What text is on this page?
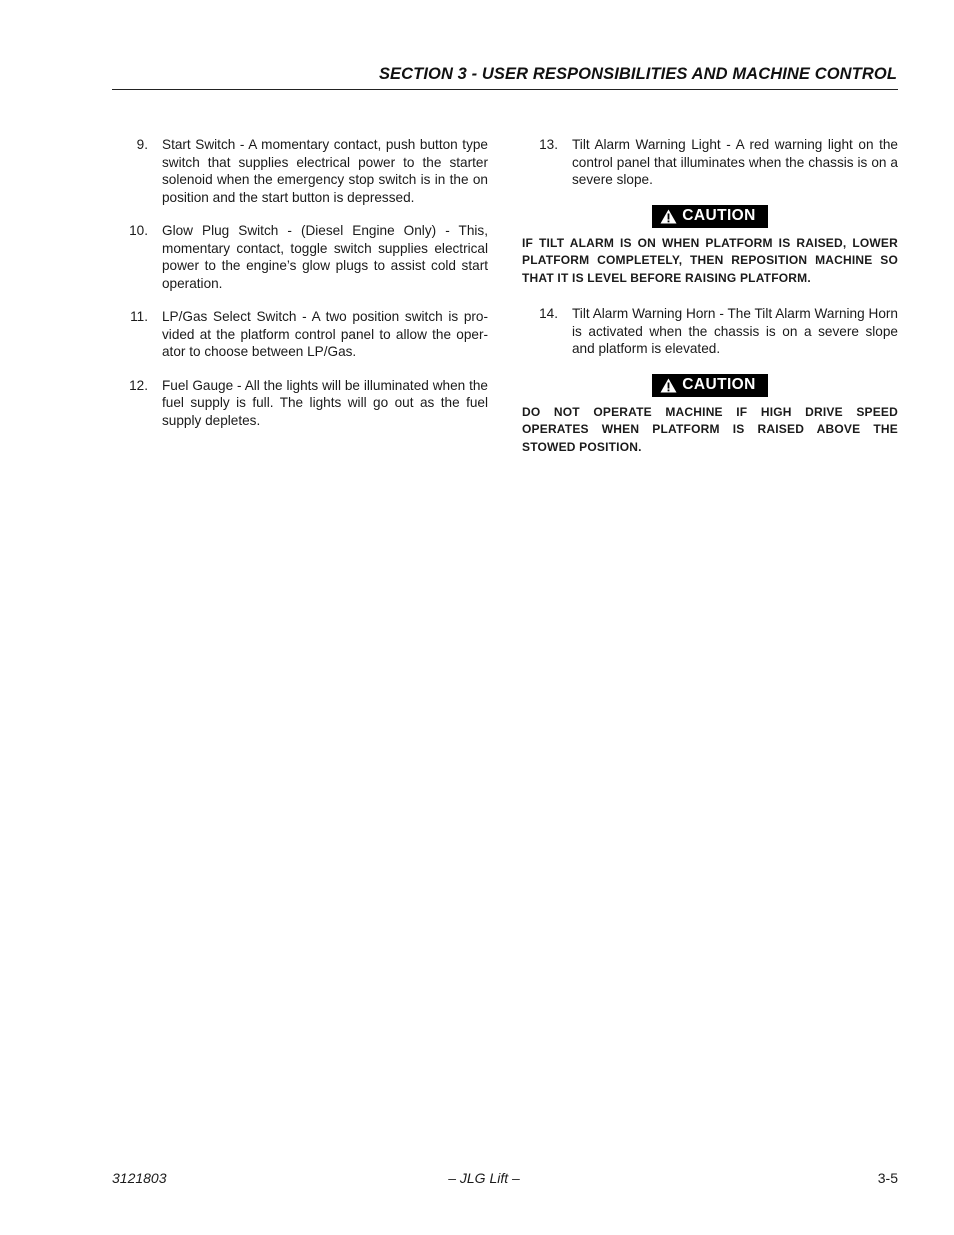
SECTION 3 - USER RESPONSIBILITIES AND MACHINE CONTROL
9.	Start Switch - A momentary contact, push button type switch that supplies electrical power to the starter solenoid when the emergency stop switch is in the on position and the start button is depressed.
10.	Glow Plug Switch - (Diesel Engine Only) - This, momentary contact, toggle switch supplies electrical power to the engine’s glow plugs to assist cold start operation.
11.	LP/Gas Select Switch - A two position switch is provided at the platform control panel to allow the operator to choose between LP/Gas.
12.	Fuel Gauge - All the lights will be illuminated when the fuel supply is full. The lights will go out as the fuel supply depletes.
13.	Tilt Alarm Warning Light - A red warning light on the control panel that illuminates when the chassis is on a severe slope.
CAUTION
IF TILT ALARM IS ON WHEN PLATFORM IS RAISED, LOWER PLATFORM COMPLETELY, THEN REPOSITION MACHINE SO THAT IT IS LEVEL BEFORE RAISING PLATFORM.
14.	Tilt Alarm Warning Horn - The Tilt Alarm Warning Horn is activated when the chassis is on a severe slope and platform is elevated.
CAUTION
DO NOT OPERATE MACHINE IF HIGH DRIVE SPEED OPERATES WHEN PLATFORM IS RAISED ABOVE THE STOWED POSITION.
3121803	– JLG Lift –	3-5
